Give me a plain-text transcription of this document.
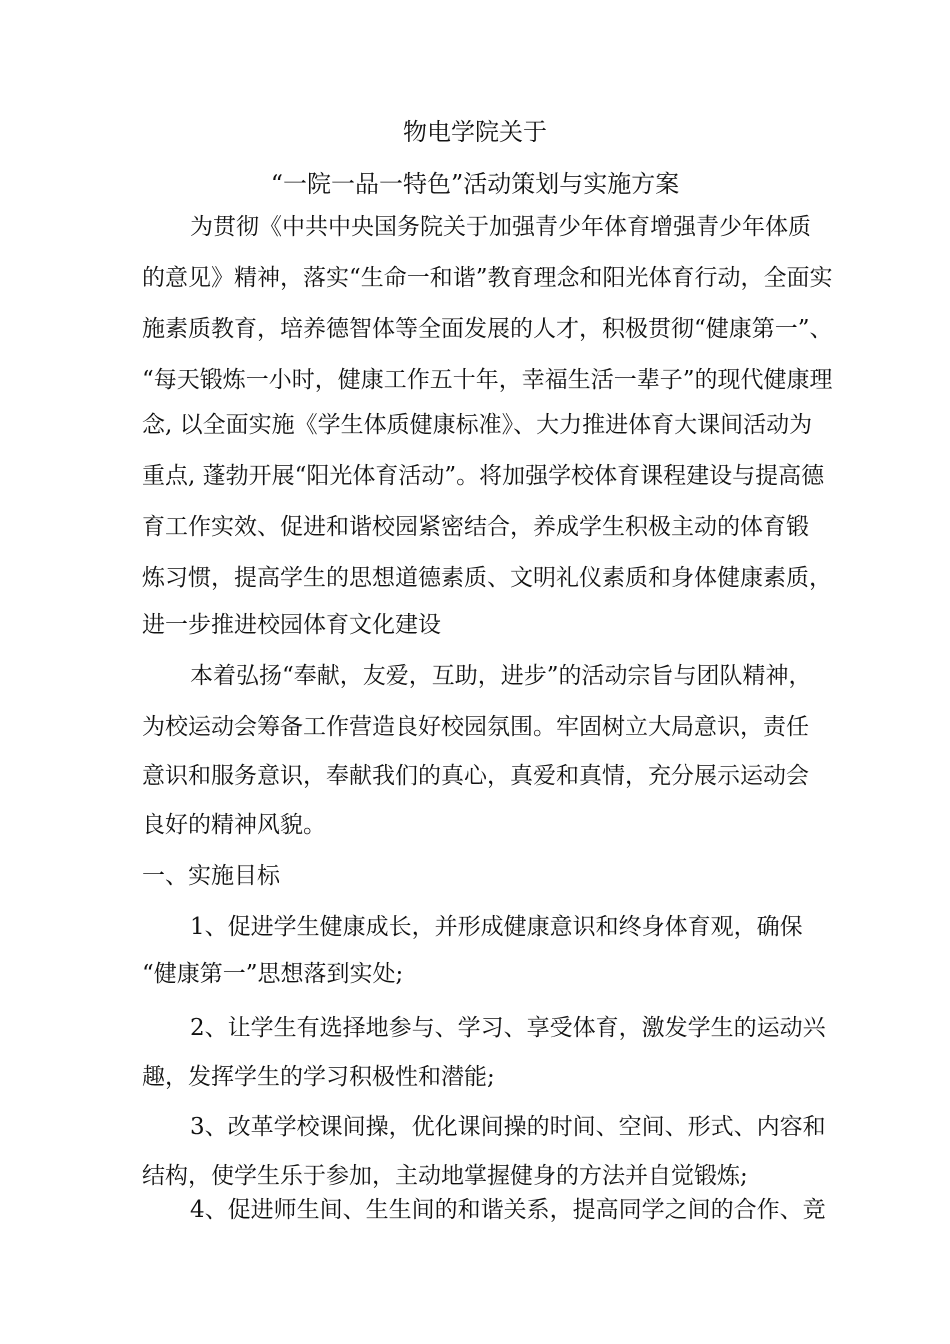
物电学院关于
“一院一品一特色”活动策划与实施方案
为贯彻《中共中央国务院关于加强青少年体育增强青少年体质
的意见》精神，落实“生命一和谐”教育理念和阳光体育行动，全面实
施素质教育，培养德智体等全面发展的人才，积极贯彻“健康第一”、
“每天锻炼一小时，健康工作五十年，幸福生活一辈子”的现代健康理
念, 以全面实施《学生体质健康标准》、大力推进体育大课间活动为
重点, 蓬勃开展“阳光体育活动”。将加强学校体育课程建设与提高德
育工作实效、促进和谐校园紧密结合，养成学生积极主动的体育锻
炼习惯，提高学生的思想道德素质、文明礼仪素质和身体健康素质，
进一步推进校园体育文化建设
本着弘扬“奉献，友爱，互助，进步”的活动宗旨与团队精神，
为校运动会筹备工作营造良好校园氛围。牢固树立大局意识，责任
意识和服务意识，奉献我们的真心，真爱和真情，充分展示运动会
良好的精神风貌。
一、实施目标
1、促进学生健康成长，并形成健康意识和终身体育观，确保
“健康第一”思想落到实处;
2、让学生有选择地参与、学习、享受体育，激发学生的运动兴
趣，发挥学生的学习积极性和潜能;
3、改革学校课间操，优化课间操的时间、空间、形式、内容和
结构，使学生乐于参加，主动地掌握健身的方法并自觉锻炼;
4、促进师生间、生生间的和谐关系，提高同学之间的合作、竞
